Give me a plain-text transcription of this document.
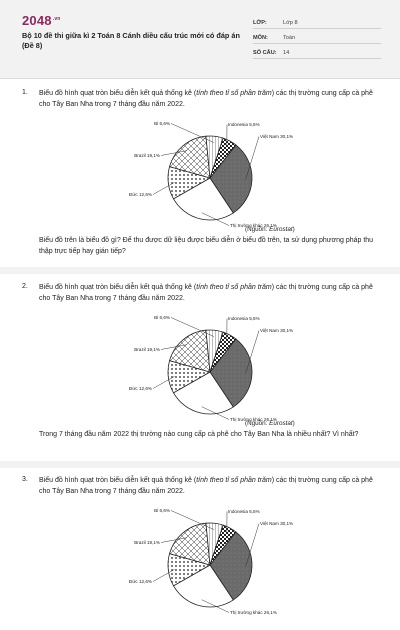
$2048^{.vn}$
Bộ 10 đề thi giữa kì 2 Toán 8 Cánh diều cấu trúc mới có đáp án (Đề 8)
LỚP:	Lớp 8
MÔN:	Toán
SỐ CÂU:	14
1. Biểu đồ hình quạt tròn biểu diễn kết quả thống kê (tính theo tỉ số phần trăm) các thị trường cung cấp cà phê cho Tây Ban Nha trong 7 tháng đầu năm 2022.
Việt Nam 30,1%
Thị trường khác 26,1%
Đức 12,6%
Brazil 19,1%
Bỉ 6,6%	Indonesia 5,5%
(Nguồn: Eurostat)
Biểu đồ trên là biểu đồ gì? Để thu được dữ liệu được biểu diễn ở biểu đồ trên, ta sử dụng phương pháp thu thập trực tiếp hay gián tiếp?
2. Biểu đồ hình quạt tròn biểu diễn kết quả thống kê (tính theo tỉ số phần trăm) các thị trường cung cấp cà phê cho Tây Ban Nha trong 7 tháng đầu năm 2022.
Việt Nam 30,1%
Thị trường khác 26,1%
Đức 12,6%
Brazil 19,1%
Bỉ 6,6%	Indonesia 5,5%
(Nguồn: Eurostat)
Trong 7 tháng đầu năm 2022 thị trường nào cung cấp cà phê cho Tây Ban Nha là nhiều nhất? Vì nhất?
3. Biểu đồ hình quạt tròn biểu diễn kết quả thống kê (tính theo tỉ số phần trăm) các thị trường cung cấp cà phê cho Tây Ban Nha trong 7 tháng đầu năm 2022.
Việt Nam 30,1%
Thị trường khác 26,1%
Đức 12,6%
Brazil 19,1%
Bỉ 6,6%	Indonesia 5,5%
